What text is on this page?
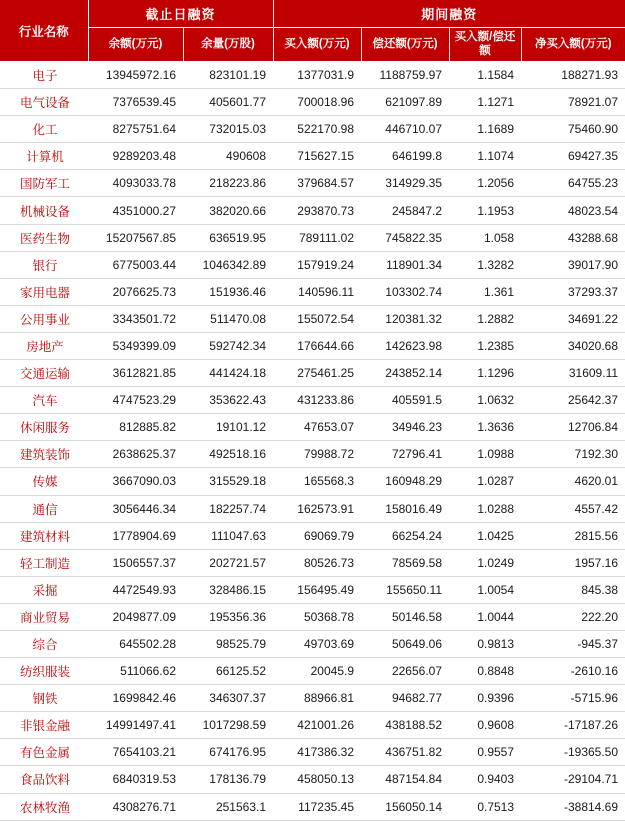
行业名称	截止日融资		期间融资			
	余额(万元)	余量(万股)	买入额(万元)	偿还额(万元)	买入额/偿还额	净买入额(万元)
电子	13945972.16	823101.19	1377031.9	1188759.97	1.1584	188271.93
电气设备	7376539.45	405601.77	700018.96	621097.89	1.1271	78921.07
化工	8275751.64	732015.03	522170.98	446710.07	1.1689	75460.90
计算机	9289203.48	490608	715627.15	646199.8	1.1074	69427.35
国防军工	4093033.78	218223.86	379684.57	314929.35	1.2056	64755.23
机械设备	4351000.27	382020.66	293870.73	245847.2	1.1953	48023.54
医药生物	15207567.85	636519.95	789111.02	745822.35	1.058	43288.68
银行	6775003.44	1046342.89	157919.24	118901.34	1.3282	39017.90
家用电器	2076625.73	151936.46	140596.11	103302.74	1.361	37293.37
公用事业	3343501.72	511470.08	155072.54	120381.32	1.2882	34691.22
房地产	5349399.09	592742.34	176644.66	142623.98	1.2385	34020.68
交通运输	3612821.85	441424.18	275461.25	243852.14	1.1296	31609.11
汽车	4747523.29	353622.43	431233.86	405591.5	1.0632	25642.37
休闲服务	812885.82	19101.12	47653.07	34946.23	1.3636	12706.84
建筑装饰	2638625.37	492518.16	79988.72	72796.41	1.0988	7192.30
传媒	3667090.03	315529.18	165568.3	160948.29	1.0287	4620.01
通信	3056446.34	182257.74	162573.91	158016.49	1.0288	4557.42
建筑材料	1778904.69	111047.63	69069.79	66254.24	1.0425	2815.56
轻工制造	1506557.37	202721.57	80526.73	78569.58	1.0249	1957.16
采掘	4472549.93	328486.15	156495.49	155650.11	1.0054	845.38
商业贸易	2049877.09	195356.36	50368.78	50146.58	1.0044	222.20
综合	645502.28	98525.79	49703.69	50649.06	0.9813	-945.37
纺织服装	511066.62	66125.52	20045.9	22656.07	0.8848	-2610.16
钢铁	1699842.46	346307.37	88966.81	94682.77	0.9396	-5715.96
非银金融	14991497.41	1017298.59	421001.26	438188.52	0.9608	-17187.26
有色金属	7654103.21	674176.95	417386.32	436751.82	0.9557	-19365.50
食品饮料	6840319.53	178136.79	458050.13	487154.84	0.9403	-29104.71
农林牧渔	4308276.71	251563.1	117235.45	156050.14	0.7513	-38814.69
